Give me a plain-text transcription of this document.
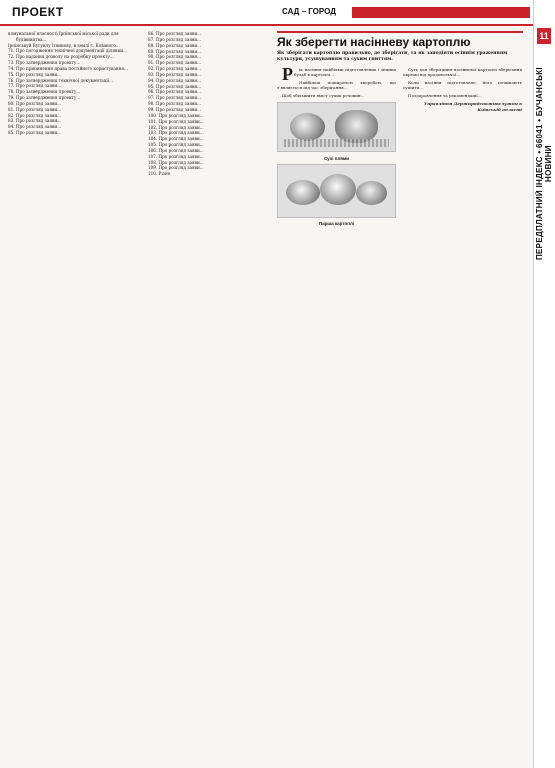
ПРОЕКТ	САД – ГОРОД
11
ПЕРЕДПЛАТНИЙ ІНДЕКС • 66041 • БУЧАНСЬКІ НОВИНИ
комунальної власності Ірпінської міської ради для будівництва...
Ірпінськуй Вугуилу Ітвинову, в землі с. Кованого...
71. Про погодження технічної документації ділянки...
72. Про надання дозволу на розробку проекту...
73. Про затвердження проекту...
74. Про припинення права постійного користування...
75. Про розгляд заяви...
76. Про затвердження технічної документації...
77. Про розгляд заяви...
78. Про затвердження проекту...
79. Про затвердження проекту...
80. Про розгляд заяви...
81. Про розгляд заяви...
82. Про розгляд заяви...
83. Про розгляд заяви...
84. Про розгляд заяви...
85. Про розгляд заяви...
86. Про розгляд заяви...
87. Про розгляд заяви...
88. Про розгляд заяви...
89. Про розгляд заяви...
90. Про розгляд заяви...
91. Про розгляд заяви...
92. Про розгляд заяви...
93. Про розгляд заяви...
94. Про розгляд заяви...
95. Про розгляд заяви...
96. Про розгляд заяви...
97. Про розгляд заяви...
98. Про розгляд заяви...
99. Про розгляд заяви...
100. Про розгляд заяви...
101. Про розгляд заяви...
102. Про розгляд заяви...
103. Про розгляд заяви...
104. Про розгляд заяви...
105. Про розгляд заяви...
106. Про розгляд заяви...
107. Про розгляд заяви...
108. Про розгляд заяви...
109. Про розгляд заяви...
110. Різне
Як зберегти насінневу картоплю
Як зберігати картоплю правильно, де зберігати, та як заподіяти осіннім ураженням культури, усушуванням та сухим гниттям.

Рік насіння найбільш підготовлених і міцних бульб в картоплі...

Найбільш поширеною хворобою, що з'являється під час зберігання...

Щоб збільшити вміст сухих речовин...

Сухі плями
Парша картоплі

Суть для зберігання насіннєвої картоплі зберігання окремо від продовольчої...

Коли насіння підготовлене, його починають сушити...

Поздоровлення та рекомендації...

Управління Держпродспоживслужби в Київській області
